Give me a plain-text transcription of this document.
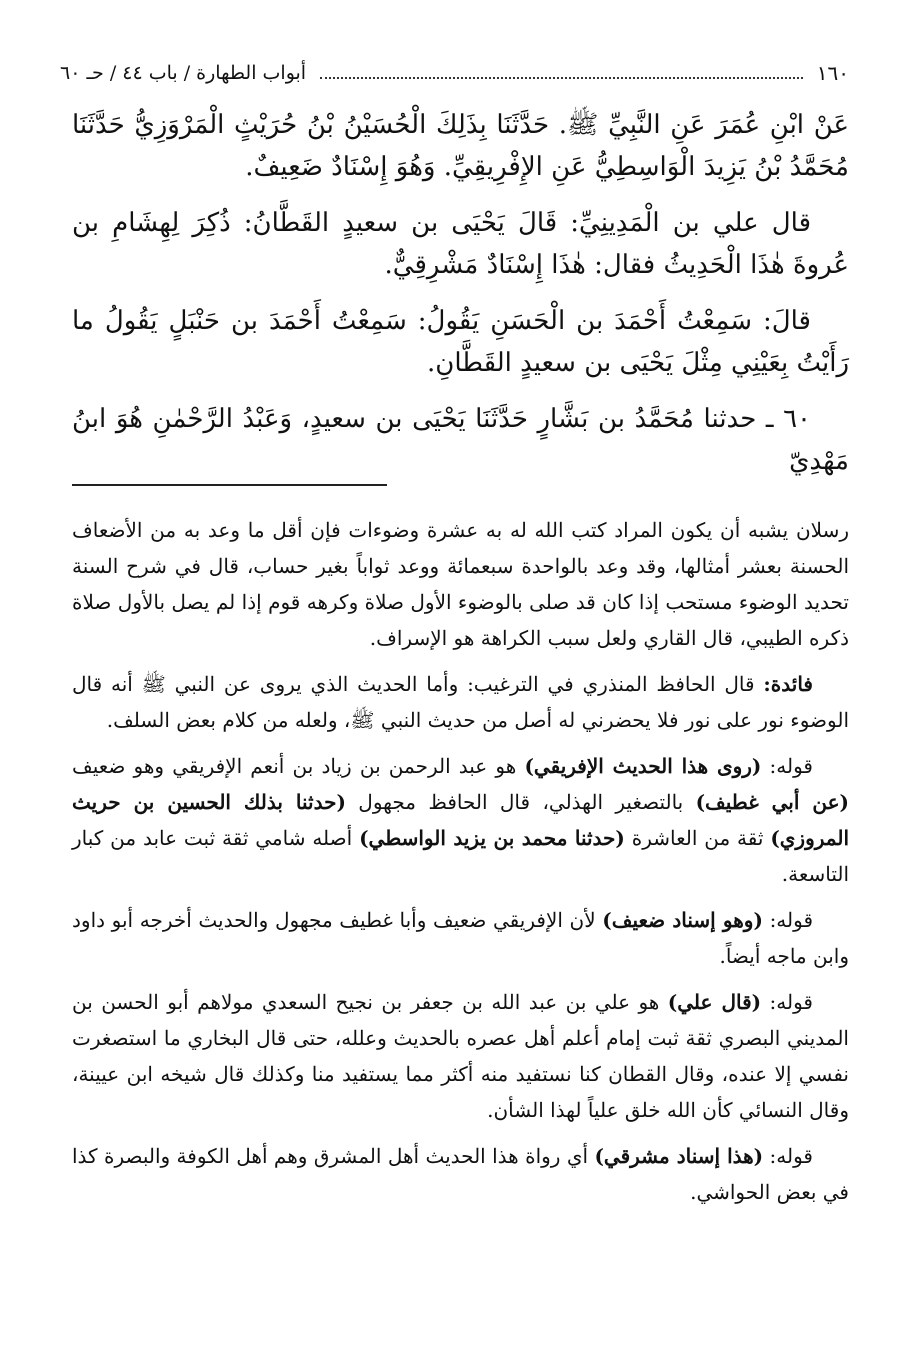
١٦٠
أبواب الطهارة / باب ٤٤ / حـ ٦٠

عَنْ ابْنِ عُمَرَ عَنِ النَّبِيِّ ﷺ. حَدَّثَنَا بِذَلِكَ الْحُسَيْنُ بْنُ حُرَيْثٍ الْمَرْوَزِيُّ حَدَّثَنَا مُحَمَّدُ بْنُ يَزِيدَ الْوَاسِطِيُّ عَنِ الإِفْرِيقِيِّ. وَهُوَ إِسْنَادٌ ضَعِيفٌ.

قال علي بن الْمَدِينِيِّ: قَالَ يَحْيَى بن سعيدٍ القَطَّانُ: ذُكِرَ لِهِشَامِ بن عُروةَ هٰذَا الْحَدِيثُ فقال: هٰذَا إِسْنَادٌ مَشْرِقِيٌّ.

قالَ: سَمِعْتُ أَحْمَدَ بن الْحَسَنِ يَقُولُ: سَمِعْتُ أَحْمَدَ بن حَنْبَلٍ يَقُولُ ما رَأَيْتُ بِعَيْنِي مِثْلَ يَحْيَى بن سعيدٍ القَطَّانِ.

٦٠ ـ حدثنا مُحَمَّدُ بن بَشَّارٍ حَدَّثَنَا يَحْيَى بن سعيدٍ، وَعَبْدُ الرَّحْمٰنِ هُوَ ابنُ مَهْدِيّ

رسلان يشبه أن يكون المراد كتب الله له به عشرة وضوءات فإن أقل ما وعد به من الأضعاف الحسنة بعشر أمثالها، وقد وعد بالواحدة سبعمائة ووعد ثواباً بغير حساب، قال في شرح السنة تحديد الوضوء مستحب إذا كان قد صلى بالوضوء الأول صلاة وكرهه قوم إذا لم يصل بالأول صلاة ذكره الطيبي، قال القاري ولعل سبب الكراهة هو الإسراف.

فائدة: قال الحافظ المنذري في الترغيب: وأما الحديث الذي يروى عن النبي ﷺ أنه قال الوضوء نور على نور فلا يحضرني له أصل من حديث النبي ﷺ، ولعله من كلام بعض السلف.

قوله: (روى هذا الحديث الإفريقي) هو عبد الرحمن بن زياد بن أنعم الإفريقي وهو ضعيف (عن أبي غطيف) بالتصغير الهذلي، قال الحافظ مجهول (حدثنا بذلك الحسين بن حريث المروزي) ثقة من العاشرة (حدثنا محمد بن يزيد الواسطي) أصله شامي ثقة ثبت عابد من كبار التاسعة.

قوله: (وهو إسناد ضعيف) لأن الإفريقي ضعيف وأبا غطيف مجهول والحديث أخرجه أبو داود وابن ماجه أيضاً.

قوله: (قال علي) هو علي بن عبد الله بن جعفر بن نجيح السعدي مولاهم أبو الحسن بن المديني البصري ثقة ثبت إمام أعلم أهل عصره بالحديث وعلله، حتى قال البخاري ما استصغرت نفسي إلا عنده، وقال القطان كنا نستفيد منه أكثر مما يستفيد منا وكذلك قال شيخه ابن عيينة، وقال النسائي كأن الله خلق علياً لهذا الشأن.

قوله: (هذا إسناد مشرقي) أي رواة هذا الحديث أهل المشرق وهم أهل الكوفة والبصرة كذا في بعض الحواشي.
